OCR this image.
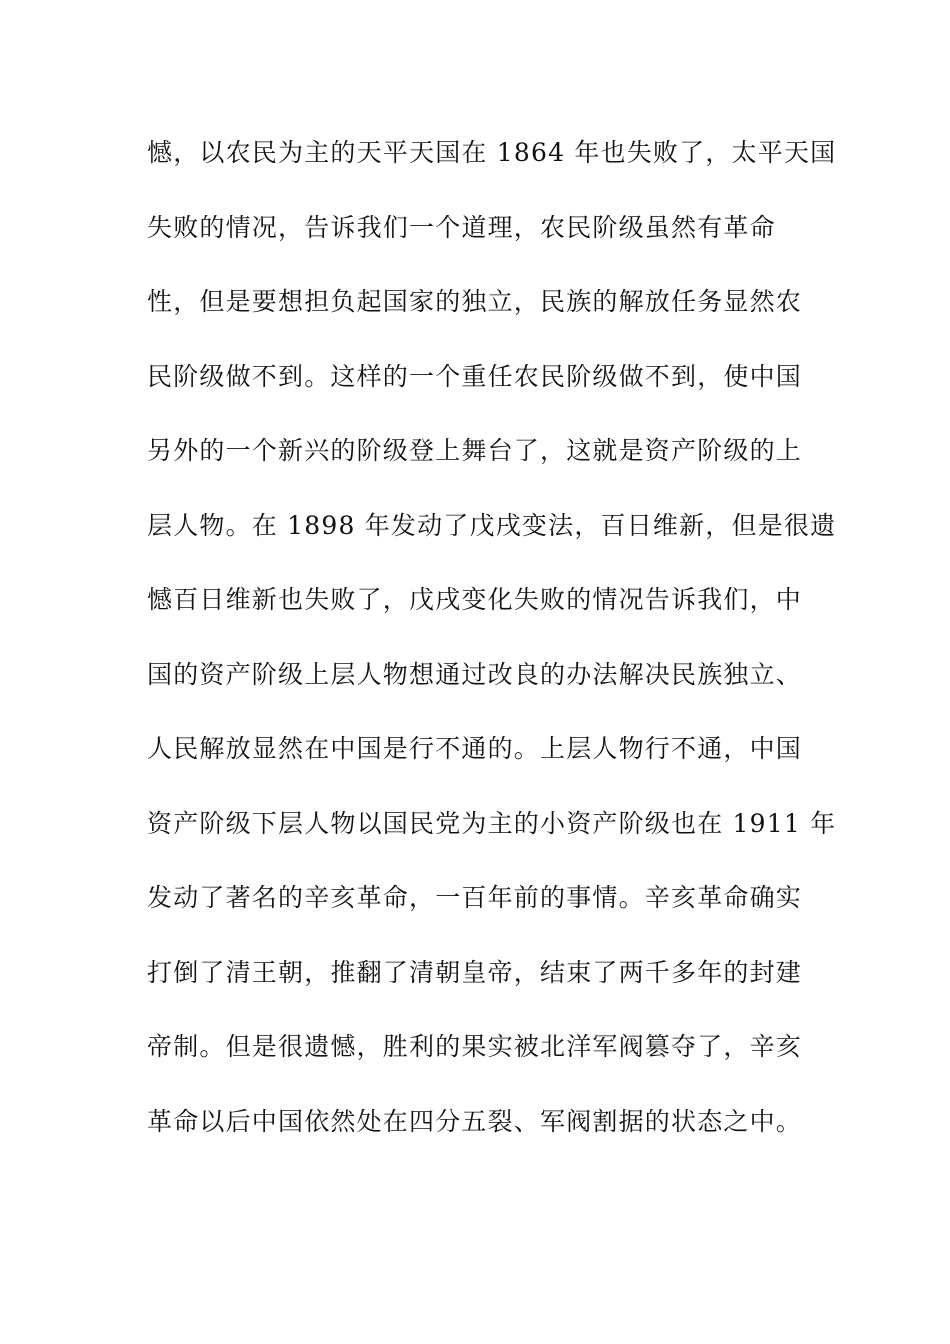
憾，以农民为主的天平天国在 1864 年也失败了，太平天国
失败的情况，告诉我们一个道理，农民阶级虽然有革命
性，但是要想担负起国家的独立，民族的解放任务显然农
民阶级做不到。这样的一个重任农民阶级做不到，使中国
另外的一个新兴的阶级登上舞台了，这就是资产阶级的上
层人物。在 1898 年发动了戊戌变法，百日维新，但是很遗
憾百日维新也失败了，戊戌变化失败的情况告诉我们，中
国的资产阶级上层人物想通过改良的办法解决民族独立、
人民解放显然在中国是行不通的。上层人物行不通，中国
资产阶级下层人物以国民党为主的小资产阶级也在 1911 年
发动了著名的辛亥革命，一百年前的事情。辛亥革命确实
打倒了清王朝，推翻了清朝皇帝，结束了两千多年的封建
帝制。但是很遗憾，胜利的果实被北洋军阀篡夺了，辛亥
革命以后中国依然处在四分五裂、军阀割据的状态之中。
